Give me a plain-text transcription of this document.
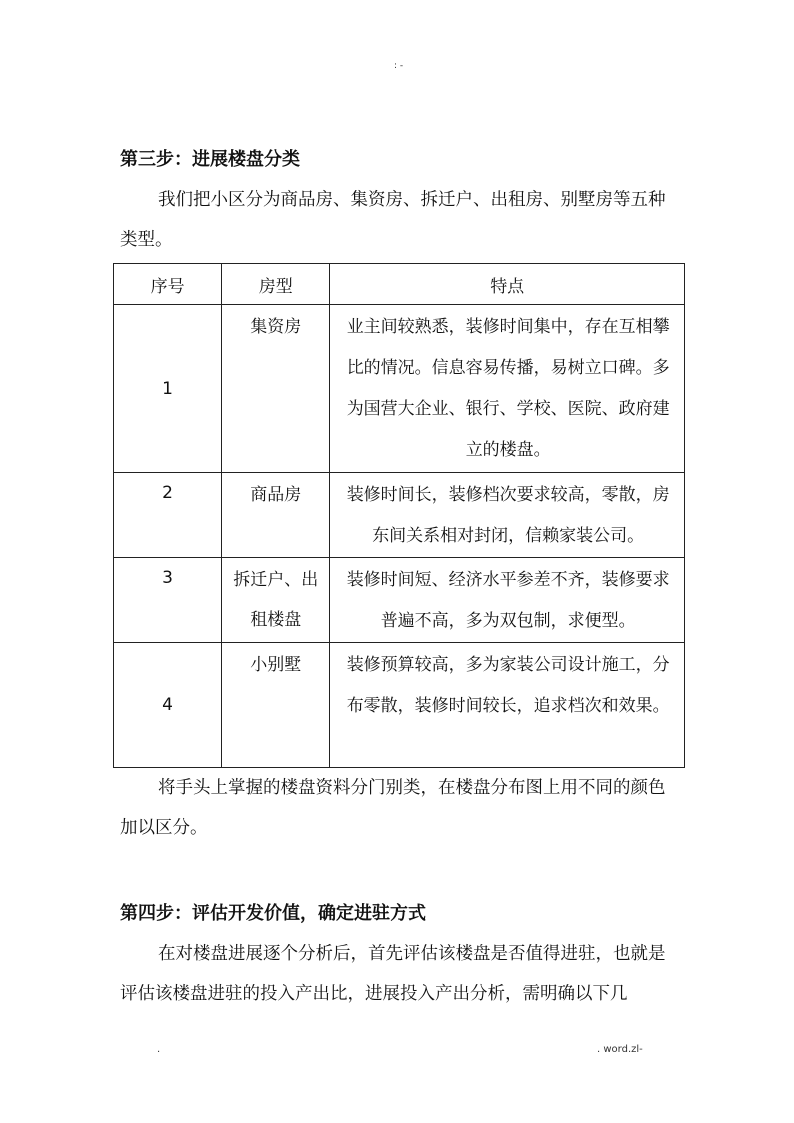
: -
第三步：进展楼盘分类
我们把小区分为商品房、集资房、拆迁户、出租房、别墅房等五种类型。
序号	房型	特点
1	集资房	业主间较熟悉，装修时间集中，存在互相攀比的情况。信息容易传播，易树立口碑。多为国营大企业、银行、学校、医院、政府建立的楼盘。
2	商品房	装修时间长，装修档次要求较高，零散，房东间关系相对封闭，信赖家装公司。
3	拆迁户、出租楼盘	装修时间短、经济水平参差不齐，装修要求普遍不高，多为双包制，求便型。
4	小别墅	装修预算较高，多为家装公司设计施工，分布零散，装修时间较长，追求档次和效果。
将手头上掌握的楼盘资料分门别类，在楼盘分布图上用不同的颜色加以区分。
第四步：评估开发价值，确定进驻方式
在对楼盘进展逐个分析后，首先评估该楼盘是否值得进驻，也就是评估该楼盘进驻的投入产出比，进展投入产出分析，需明确以下几
.	. word.zl-
